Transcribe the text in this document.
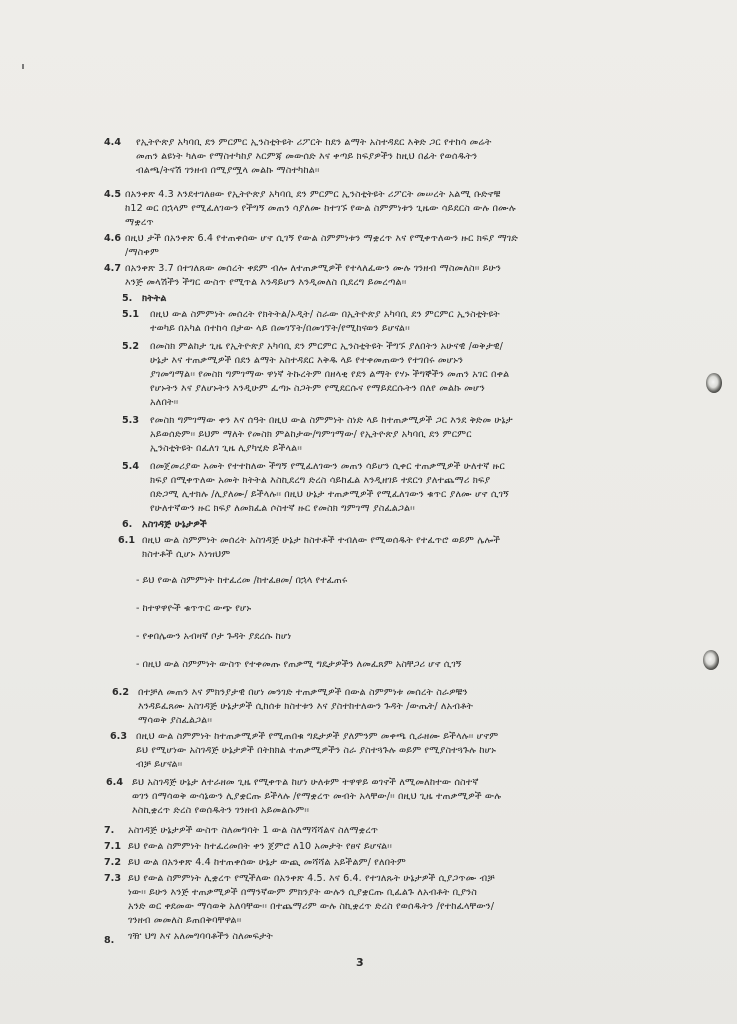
4.4 የኢትዮጵያ አካባቢ ደን ምርምር ኢንስቲትዩት ሪፖርት ከደን ልማት አስተዳደር እቅድ ጋር የተከሳ መሬት
መጠን ልዩነት ካለው የማስተካከያ እርምጃ መውሰድ እና ቀጣይ ክፍያዎችን ከዚህ በፊት የወሰዱትን
ብልጫ/ትናሽ ገንዘብ በሚያሟላ መልኩ ማስተካከል፡፡
4.5 በአንቀጽ 4.3 እንደተገለፀው የኢትዮጵያ አካባቢ ደን ምርምር ኢንስቲትዩት ሪፖርት መሠረት አልሚ ቡድኖቹ
ከ12 ወር በኋላም የሚፈለገውን የችግኝ መጠን ሳያለሙ ከተገኙ የውል ስምምነቱን ጊዜው ሳይደርስ ውሉ በሙሉ
ማቋረጥ
4.6 በዚህ ታች በአንቀጽ 6.4 የተጠቀሰው ሆኖ ሲገኝ የውል ስምምነቱን ማቋረጥ እና የሚቀጥለውን ዙር ክፍያ ማገድ
/ማስቀም
4.7 በአንቀጽ 3.7 በተገለጸው መሰረት ቀደም ብሎ ለተጠቃሚዎች የተላለፈውን ሙሉ ገንዘብ ማስመለስ፡፡ ይሁን
እንጅ መላሽችን ችግር ውስጥ የሚጥል እንዳይሆን እንዲመለስ ቢደረግ ይመረጣል፡፡
5. ክትትል
5.1 በዚህ ውል ስምምነት መሰረት የክትትል/ኦዲት/ ስራው በኢትዮጵያ አካባቢ ደን ምርምር ኢንስቲትዩት
ተወካይ በአካል በተከሳ በታው ላይ በመገኘት/በመገኘት/የሚከናወን ይሆናል፡፡
5.2 በመስክ ምልከታ ጊዜ የኢትዮጵያ አካባቢ ደን ምርምር ኢንስቲትዩት ችግኙ ያለበትን አሁናዊ /ወቅታዊ/
ሁኔታ እና ተጠቃሚዎች በደን ልማት አስተዳደር እቅዱ ላይ የተቀመጠውን የተገበሩ መሆኑን
ያገመግማል፡፡ የመስክ ግምገማው ዋነኛ ትኩረትም በዘላቂ የደን ልማት የሃኑ ችግኞችን መጠን አገር በቀል
የሆኑትን እና ያለሆኑትን እንዲሁም ፈጣኑ ስጋትም የሚደርሱና የማይደርሱትን በለየ መልኩ መሆን
አለበት፡፡
5.3 የመስክ ግምገማው ቀን እና ሰዓት በዚህ ውል ስምምነት ስነድ ላይ ከተጠቃሚዎች ጋር እንደ ቅድመ ሁኔታ
አይወሰድም፡፡ ይህም ማለት የመስክ ምልከታው/ግምገማው/ የኢትዮጵያ አካባቢ ደን ምርምር
ኢንስቲትዩት በፈለገ ጊዜ ሊያካሂድ ይችላል፡፡
5.4 በመጀመሪያው አመት የተተከለው ችግኝ የሚፈለገውን መጠን ሳይሆን ሲቀር ተጠቃሚዎች ሁለተኛ ዙር
ክፍያ በሚቀጥለው አመት ክትትል እስኪደረግ ድረስ ሳይከፈል እንዲዘገይ ተደርጎ ያለተጨማሪ ክፍያ
በድጋሚ ሊተክሉ /ሊያለሙ/ ይችላሉ፡፡ በዚህ ሁኔታ ተጠቃሚዎች የሚፈለገውን ቁጥር ያለሙ ሆኖ ሲገኝ
የሁለተኛውን ዙር ክፍያ ለመክፈል ሶስተኛ ዙር የመስክ ግምገማ ያስፈልጋል፡፡
6. አስገዳጅ ሁኔታዎች
6.1 በዚህ ውል ስምምነት መሰረት አስገዳጅ ሁኔታ ከስተቶች ተብለው የሚወሰዱት የተፈጥሮ ወይም ሌሎች
ክስተቶች ሲሆኑ እነዝህም
- ይህ የውል ስምምነት ከተፈረመ /ከተፈፀመ/ በኋላ የተፈጠሩ
- ከተዋዋዮች ቁጥጥር ውጭ የሆኑ
- የቀበሌውን አብዛኛ ቦታ ጉዳት ያደረሱ ከሆነ
- በዚህ ውል ስምምነት ውስጥ የተቀመጡ የጠቃሚ ግዴታዎችን ለመፈጸም አስቸጋሪ ሆኖ ሲገኝ
6.2 በተቻለ መጠን እና ምክንያታዊ በሆነ መንገድ ተጠቃሚዎች በውል ስምምነቱ መሰረት ስራዎቹን
እንዳይፈጸሙ አስገዳጅ ሁኔታዎች ሲከሰቱ ክስተቱን እና ያስተከተለውን ጉዳት /ውጤት/ ለአብቶት
ማሳወቅ ያስፈልጋል፡፡
6.3 በዚህ ውል ስምምነት ከተጠቃሚዎች የሚጠበቁ ግዴታዎች ያለምንም መቀጫ ሲራዘሙ ይችላሉ፡፡ ሆኖም
ይህ የሚሆነው አስገዳጅ ሁኔታዎች በትክክል ተጠቃሚዎችን ስራ ያስተጓጉሉ ወይም የሚያስተጓጉሉ ከሆኑ
ብቻ ይሆናል፡፡
6.4 ይህ አስገዳጅ ሁኔታ ለተራዘመ ጊዜ የሚቀጥል ከሆነ ሁለቱም ተዋዋይ ወገኖች ለሚመለከተው ሰስተኛ
ወገን በማሳወቅ ውሳኔውን ሊያቋርጡ ይችላሉ /የማቋረጥ መብት አላቸው/፡፡ በዚህ ጊዜ ተጠቃሚዎች ውሉ
እስኪቋረጥ ድረስ የወሰዱትን ገንዘብ አይመልሱም፡፡
7. አስገዳጅ ሁኔታዎች ውስጥ ስለመግባት 1 ውል ስለማሻሻልና ስለማቋረጥ
7.1 ይህ የውል ስምምነት ከተፈረመበት ቀን ጀምሮ ለ10 አመታት የፀና ይሆናል፡፡
7.2 ይህ ውል በአንቀጽ 4.4 ከተጠቀሰው ሁኔታ ውጪ መሻሻል አይችልም/ የለበትም
7.3 ይህ የውል ስምምነት ሊቋረጥ የሚችለው በአንቀጽ 4.5. እና 6.4. የተገለጹት ሁኔታዎች ሲያጋጥሙ ብቻ
ነው፡፡ ይሁን እንጅ ተጠቃሚዎች በማንኛውም ምክንያት ውሉን ሲያቋርጡ ቢፈልጉ ለአብቶት ቢያንስ
አንድ ወር ቀደመው ማሳወቅ አለባቸው፡፡ በተጨማሪም ውሉ ስኪቋረጥ ድረስ የወሰዱትን /የተከፈላቸውን/
ገንዘብ መመለስ ይጠበቅባቸዋል፡፡
8. ገዥ ህግ እና አለመግባባቶችን ስለመፍታት
3
